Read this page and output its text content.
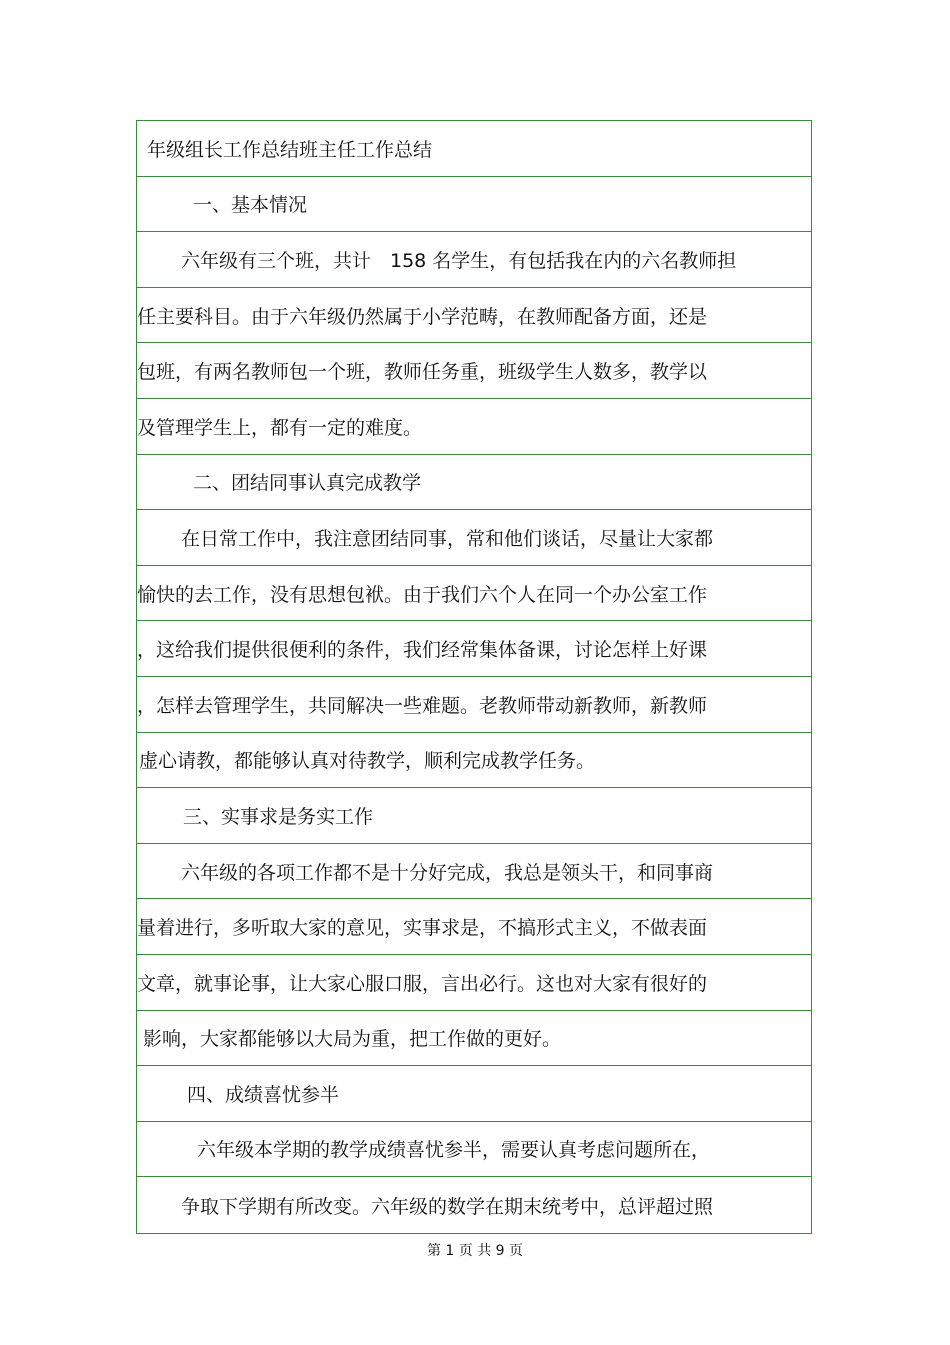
年级组长工作总结班主任工作总结
一、基本情况
六年级有三个班，共计　158 名学生，有包括我在内的六名教师担
任主要科目。由于六年级仍然属于小学范畴，在教师配备方面，还是
包班，有两名教师包一个班，教师任务重，班级学生人数多，教学以
及管理学生上，都有一定的难度。
二、团结同事认真完成教学
在日常工作中，我注意团结同事，常和他们谈话，尽量让大家都
愉快的去工作，没有思想包袱。由于我们六个人在同一个办公室工作
，这给我们提供很便利的条件，我们经常集体备课，讨论怎样上好课
，怎样去管理学生，共同解决一些难题。老教师带动新教师，新教师
虚心请教，都能够认真对待教学，顺利完成教学任务。
三、实事求是务实工作
六年级的各项工作都不是十分好完成，我总是领头干，和同事商
量着进行，多听取大家的意见，实事求是，不搞形式主义，不做表面
文章，就事论事，让大家心服口服，言出必行。这也对大家有很好的
影响，大家都能够以大局为重，把工作做的更好。
四、成绩喜忧参半
六年级本学期的教学成绩喜忧参半，需要认真考虑问题所在，
争取下学期有所改变。六年级的数学在期末统考中，总评超过照
第 1 页 共 9 页
